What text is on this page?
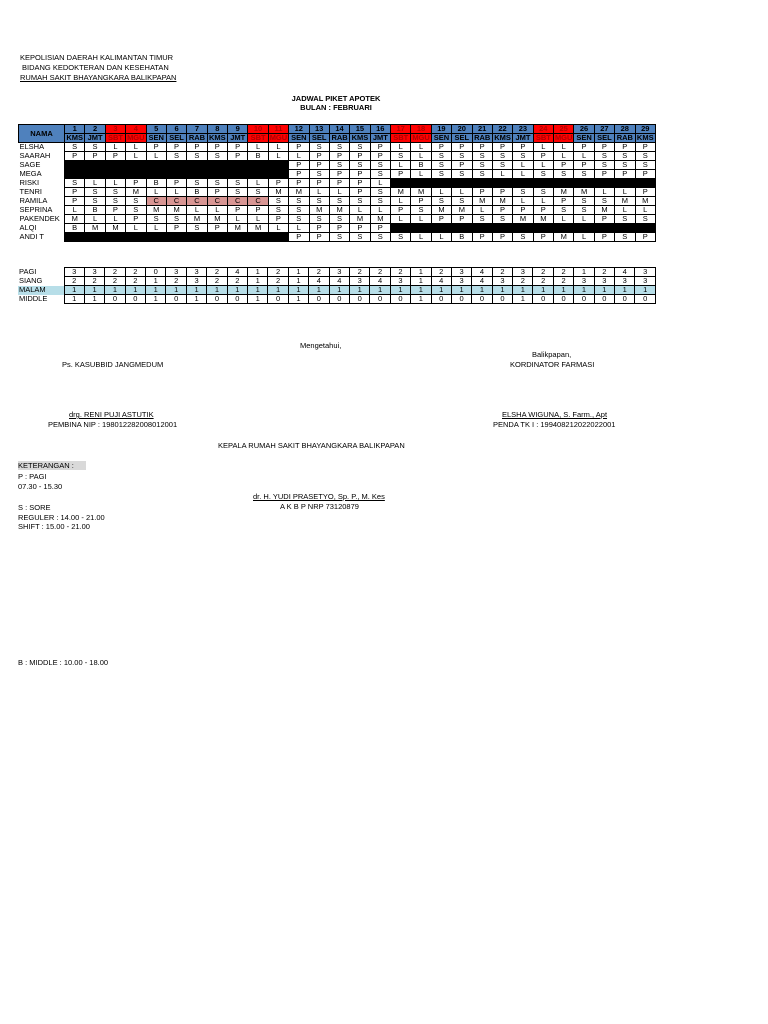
KEPOLISIAN DAERAH KALIMANTAN TIMUR
BIDANG KEDOKTERAN DAN KESEHATAN
RUMAH SAKIT BHAYANGKARA BALIKPAPAN
JADWAL PIKET APOTEK
BULAN : FEBRUARI
NAMA	1	2	3	4	5	6	7	8	9	10	11	12	13	14	15	16	17	18	19	20	21	22	23	24	25	26	27	28	29
	KMS	JMT	SBT	MGU	SEN	SEL	RAB	KMS	JMT	SBT	MGU	SEN	SEL	RAB	KMS	JMT	SBT	MGU	SEN	SEL	RAB	KMS	JMT	SBT	MGU	SEN	SEL	RAB	KMS
ELSHA	S	S	L	L	P	P	P	P	P	L	L	P	S	S	S	P	L	L	P	P	P	P	P	L	L	P	P	P	P
SAARAH	P	P	P	L	L	S	S	S	P	B	L	L	P	P	P	P	S	L	S	S	S	S	S	P	L	L	S	S	S
SAGE												P	P	S	S	S	L	B	S	P	S	S	L	L	P	P	S	S	S
MEGA												P	S	P	P	S	P	L	S	S	S	L	L	S	S	S	P	P	P
RISKI	S	L	L	P	B	P	S	S	S	L	P	P	P	P	P	L													
TENRI	P	S	S	M	L	L	B	P	S	S	M	M	L	L	P	S	M	M	L	L	P	P	S	S	M	M	L	L	P
RAMILA	P	S	S	S	C	C	C	C	C	C	S	S	S	S	S	S	L	P	S	S	M	M	L	L	P	S	S	M	M
SEPRINA	L	B	P	S	M	M	L	L	P	P	S	S	M	M	L	L	P	S	M	M	L	P	P	P	S	S	M	L	L
PAKENDEK	M	L	L	P	S	S	M	M	L	L	P	S	S	S	M	M	L	L	P	P	S	S	M	M	L	L	P	S	S
ALQI	B	M	M	L	L	P	S	P	M	M	L	L	P	P	P	P													
ANDI T												P	P	S	S	S	S	L	L	B	P	P	S	P	M	L	P	S	P
PAGI	3	3	2	2	0	3	3	2	4	1	2	1	2	3	2	2	2	1	2	3	4	2	3	2	2	1	2	4	3
SIANG	2	2	2	2	1	2	3	2	2	1	2	1	4	4	3	4	3	1	4	3	4	3	2	2	2	3	3	3	3
MALAM	1	1	1	1	1	1	1	1	1	1	1	1	1	1	1	1	1	1	1	1	1	1	1	1	1	1	1	1	1
MIDDLE	1	1	0	0	1	0	1	0	0	1	0	1	0	0	0	0	0	1	0	0	0	0	1	0	0	0	0	0	0
Mengetahui,
Balikpapan,
Ps. KASUBBID JANGMEDUM	KORDINATOR FARMASI
drg. RENI PUJI ASTUTIK
PEMBINA NIP : 198012282008012001
ELSHA WIGUNA, S. Farm., Apt
PENDA TK I : 199408212022022001
KEPALA RUMAH SAKIT BHAYANGKARA BALIKPAPAN
KETERANGAN :
P : PAGI
07.30 - 15.30
dr. H. YUDI PRASETYO, Sp. P., M. Kes
A K B P NRP 73120879
S : SORE
REGULER : 14.00 - 21.00
SHIFT : 15.00 - 21.00
B : MIDDLE : 10.00 - 18.00
